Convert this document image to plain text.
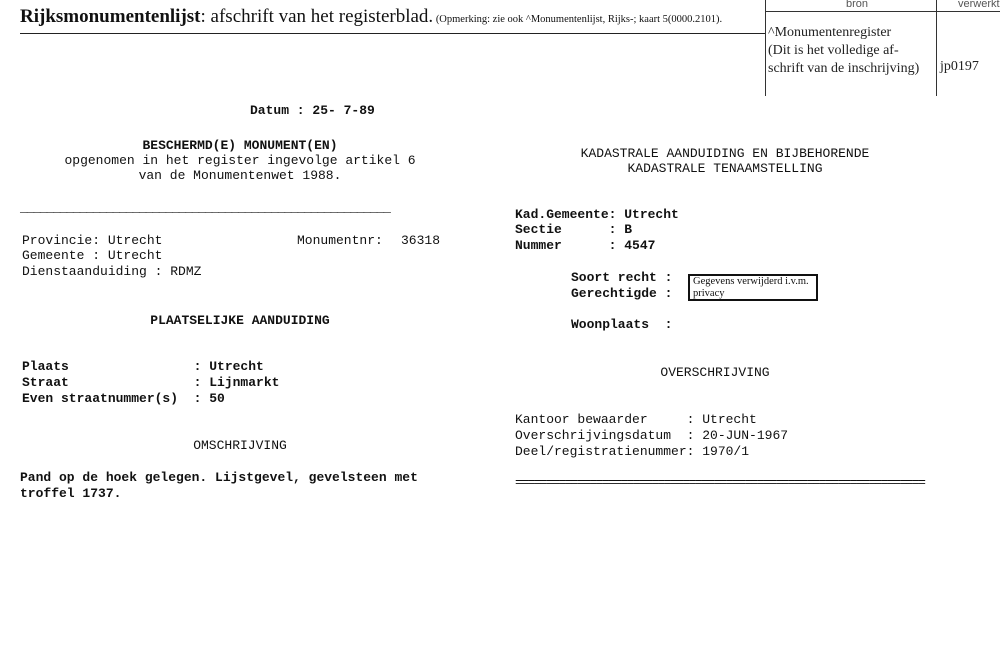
Rijksmonumentenlijst: afschrift van het registerblad. (Opmerking: zie ook ^Monumentenlijst, Rijks-; kaart 5(0000.2101).
bron	verwerkt
^Monumentenregister
(Dit is het volledige af-
schrift van de inschrijving) jp0197
Datum : 25- 7-89
BESCHERMD(E) MONUMENT(EN)
opgenomen in het register ingevolge artikel 6
van de Monumentenwet 1988.
________________________________________________________
Provincie: Utrecht	Monumentnr: 36318
Gemeente : Utrecht
Dienstaanduiding : RDMZ
PLAATSELIJKE AANDUIDING
Plaats                : Utrecht
Straat                : Lijnmarkt
Even straatnummer(s)  : 50
OMSCHRIJVING
Pand op de hoek gelegen. Lijstgevel, gevelsteen met
troffel 1737.
KADASTRALE AANDUIDING EN BIJBEHORENDE
KADASTRALE TENAAMSTELLING
Kad.Gemeente: Utrecht
Sectie      : B
Nummer      : 4547
Soort recht :
Gerechtigde :
Gegevens verwijderd i.v.m. privacy
Woonplaats  :
OVERSCHRIJVING
Kantoor bewaarder     : Utrecht
Overschrijvingsdatum  : 20-JUN-1967
Deel/registratienummer: 1970/1
==================================================================
